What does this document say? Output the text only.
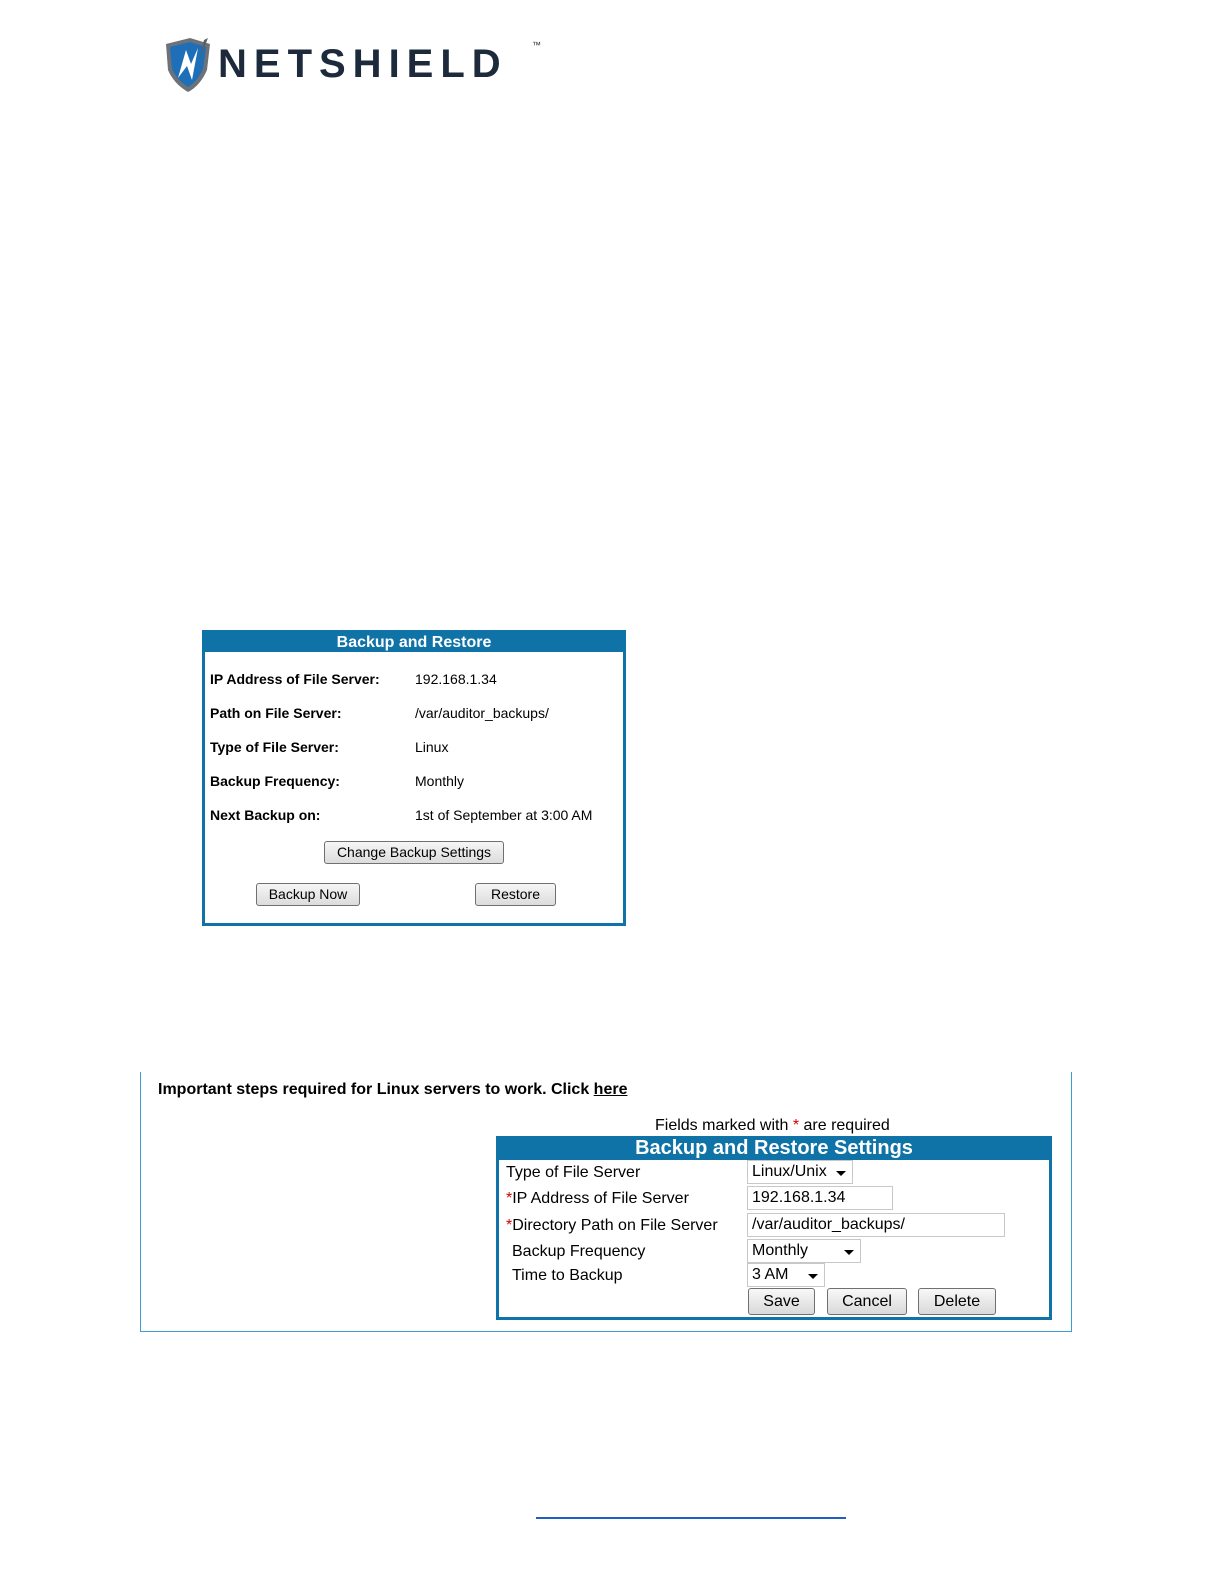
NETSHIELD	™
Backup and Restore
IP Address of File Server:	192.168.1.34
Path on File Server:	/var/auditor_backups/
Type of File Server:	Linux
Backup Frequency:	Monthly
Next Backup on:	1st of September at 3:00 AM
Change Backup Settings
Backup Now	Restore
Important steps required for Linux servers to work. Click here
Fields marked with * are required
Backup and Restore Settings
Type of File Server	Linux/Unix
*IP Address of File Server	192.168.1.34
*Directory Path on File Server	/var/auditor_backups/
Backup Frequency	Monthly
Time to Backup	3 AM
Save	Cancel	Delete
